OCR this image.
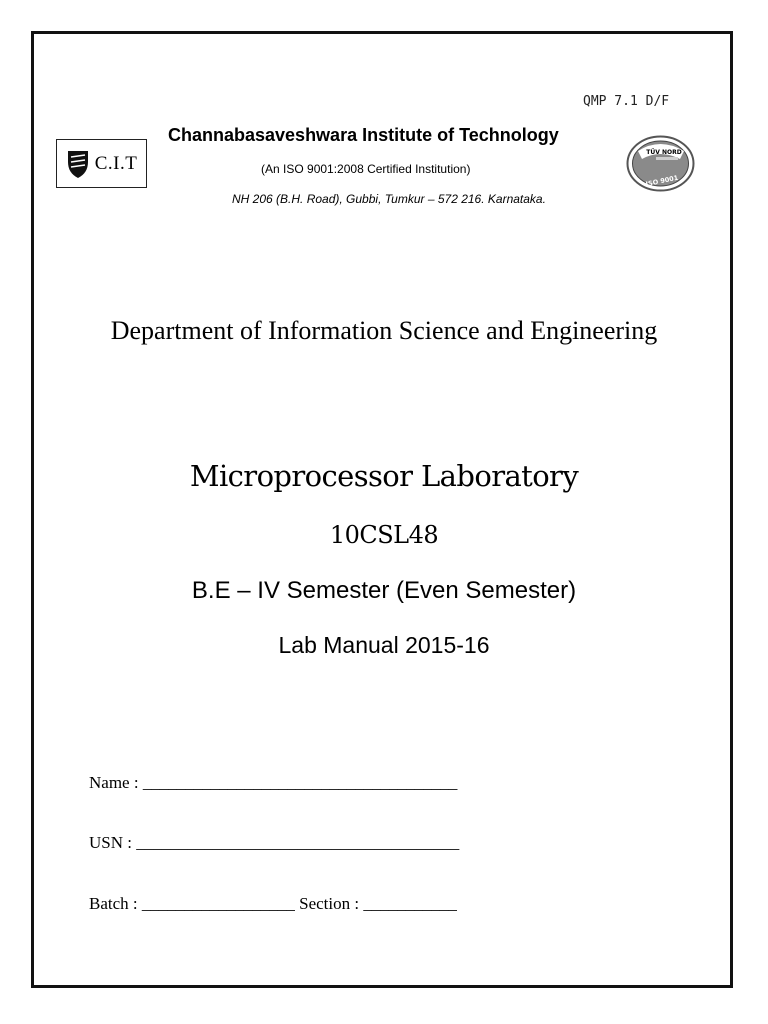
QMP 7.1 D/F
C.I.T
Channabasaveshwara Institute of Technology
(An ISO 9001:2008 Certified Institution)
NH 206 (B.H. Road), Gubbi, Tumkur – 572 216. Karnataka.
TÜV NORD
ISO 9001
Department of Information Science and Engineering
Microprocessor Laboratory
10CSL48
B.E – IV Semester (Even Semester)
Lab Manual 2015-16
Name : _____________________________________
USN : ______________________________________
Batch : __________________ Section : ___________
